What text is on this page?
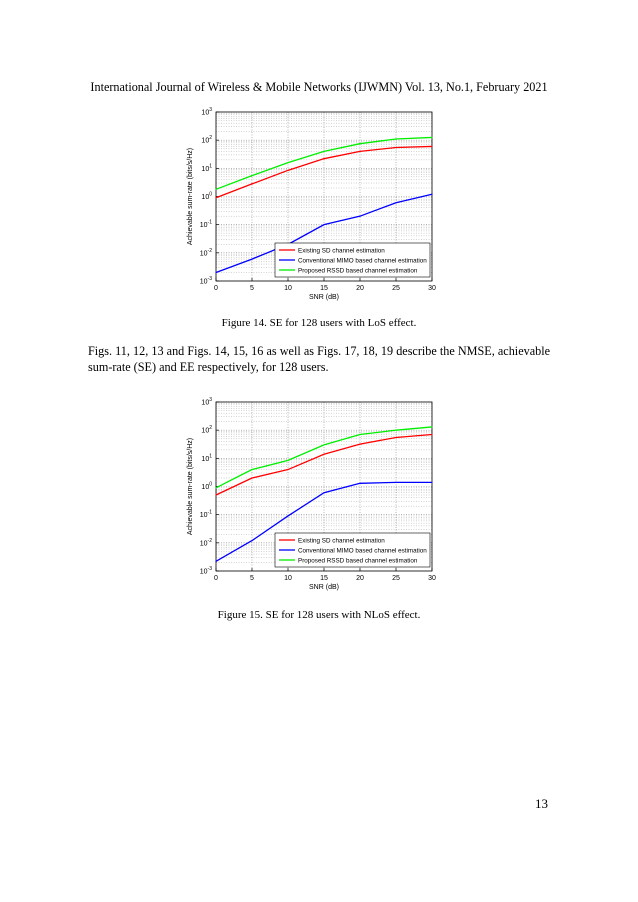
International Journal of Wireless & Mobile Networks (IJWMN) Vol. 13, No.1, February 2021
0	5	10	15	20	25	30
$10^{-3}$
$10^{-2}$
$10^{-1}$
$10^0$
$10^1$
$10^2$
$10^3$
SNR (dB)
Achievable sum-rate (bits/s/Hz)
Existing SD channel estimation
Conventional MIMO based channel estimation
Proposed RSSD based channel estimation
Figure 14. SE for 128 users with LoS effect.
Figs. 11, 12, 13 and Figs. 14, 15, 16 as well as Figs. 17, 18, 19 describe the NMSE, achievable sum-rate (SE) and EE respectively, for 128 users.
0	5	10	15	20	25	30
$10^{-3}$
$10^{-2}$
$10^{-1}$
$10^0$
$10^1$
$10^2$
$10^3$
SNR (dB)
Achievable sum-rate (bits/s/Hz)
Existing SD channel estimation
Conventional MIMO based channel estimation
Proposed RSSD based channel estimation
Figure 15. SE for 128 users with NLoS effect.
13
